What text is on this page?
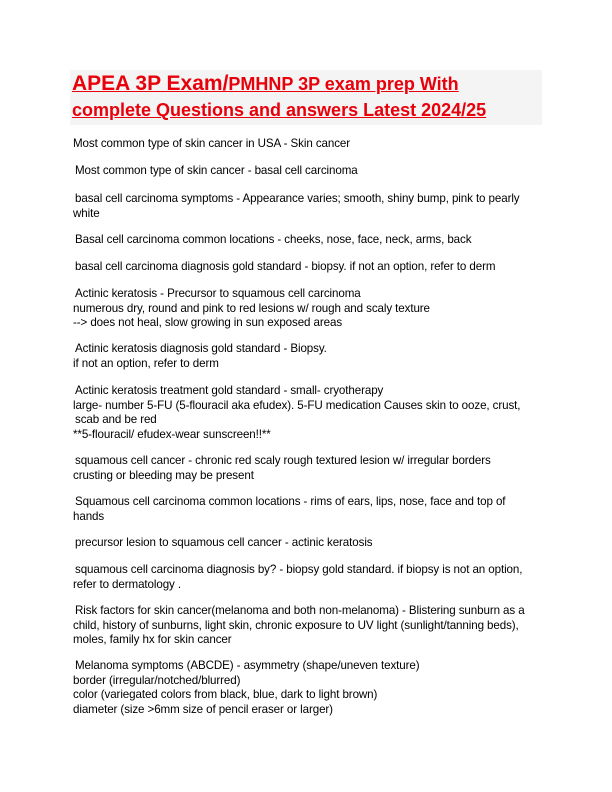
APEA 3P Exam/PMHNP 3P exam prep With
complete Questions and answers Latest 2024/25
Most common type of skin cancer in USA - Skin cancer
Most common type of skin cancer - basal cell carcinoma
basal cell carcinoma symptoms - Appearance varies; smooth, shiny bump, pink to pearly
white
Basal cell carcinoma common locations - cheeks, nose, face, neck, arms, back
basal cell carcinoma diagnosis gold standard - biopsy. if not an option, refer to derm
Actinic keratosis - Precursor to squamous cell carcinoma
numerous dry, round and pink to red lesions w/ rough and scaly texture
--> does not heal, slow growing in sun exposed areas
Actinic keratosis diagnosis gold standard - Biopsy.
if not an option, refer to derm
Actinic keratosis treatment gold standard - small- cryotherapy
large- number 5-FU (5-flouracil aka efudex). 5-FU medication Causes skin to ooze, crust,
scab and be red
**5-flouracil/ efudex-wear sunscreen!!**
squamous cell cancer - chronic red scaly rough textured lesion w/ irregular borders
crusting or bleeding may be present
Squamous cell carcinoma common locations - rims of ears, lips, nose, face and top of
hands
precursor lesion to squamous cell cancer - actinic keratosis
squamous cell carcinoma diagnosis by? - biopsy gold standard. if biopsy is not an option,
refer to dermatology .
Risk factors for skin cancer(melanoma and both non-melanoma) - Blistering sunburn as a
child, history of sunburns, light skin, chronic exposure to UV light (sunlight/tanning beds),
moles, family hx for skin cancer
Melanoma symptoms (ABCDE) - asymmetry (shape/uneven texture)
border (irregular/notched/blurred)
color (variegated colors from black, blue, dark to light brown)
diameter (size >6mm size of pencil eraser or larger)
